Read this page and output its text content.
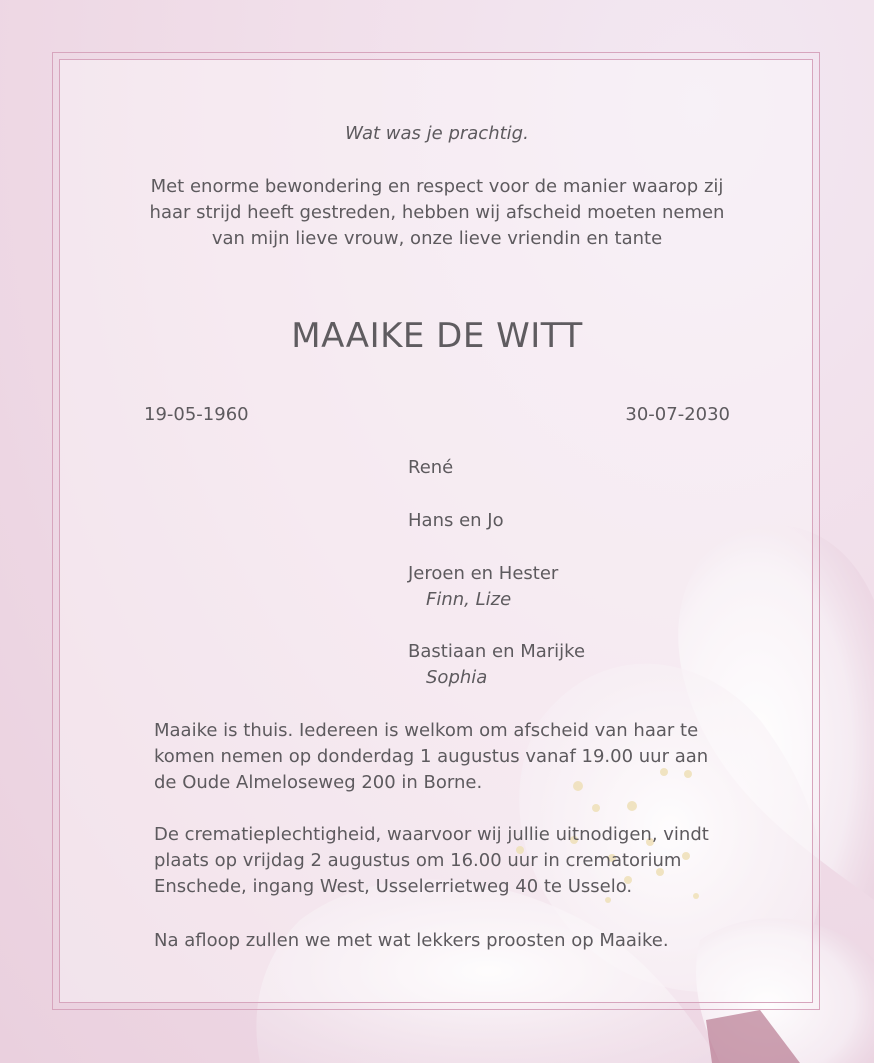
Wat was je prachtig.
Met enorme bewondering en respect voor de manier waarop zij
haar strijd heeft gestreden, hebben wij afscheid moeten nemen
van mijn lieve vrouw, onze lieve vriendin en tante
MAAIKE DE WITT
19-05-1960	30-07-2030
René
Hans en Jo
Jeroen en Hester
Finn, Lize
Bastiaan en Marijke
Sophia
Maaike is thuis. Iedereen is welkom om afscheid van haar te
komen nemen op donderdag 1 augustus vanaf 19.00 uur aan
de Oude Almeloseweg 200 in Borne.
De crematieplechtigheid, waarvoor wij jullie uitnodigen, vindt
plaats op vrijdag 2 augustus om 16.00 uur in crematorium
Enschede, ingang West, Usselerrietweg 40 te Usselo.
Na afloop zullen we met wat lekkers proosten op Maaike.
